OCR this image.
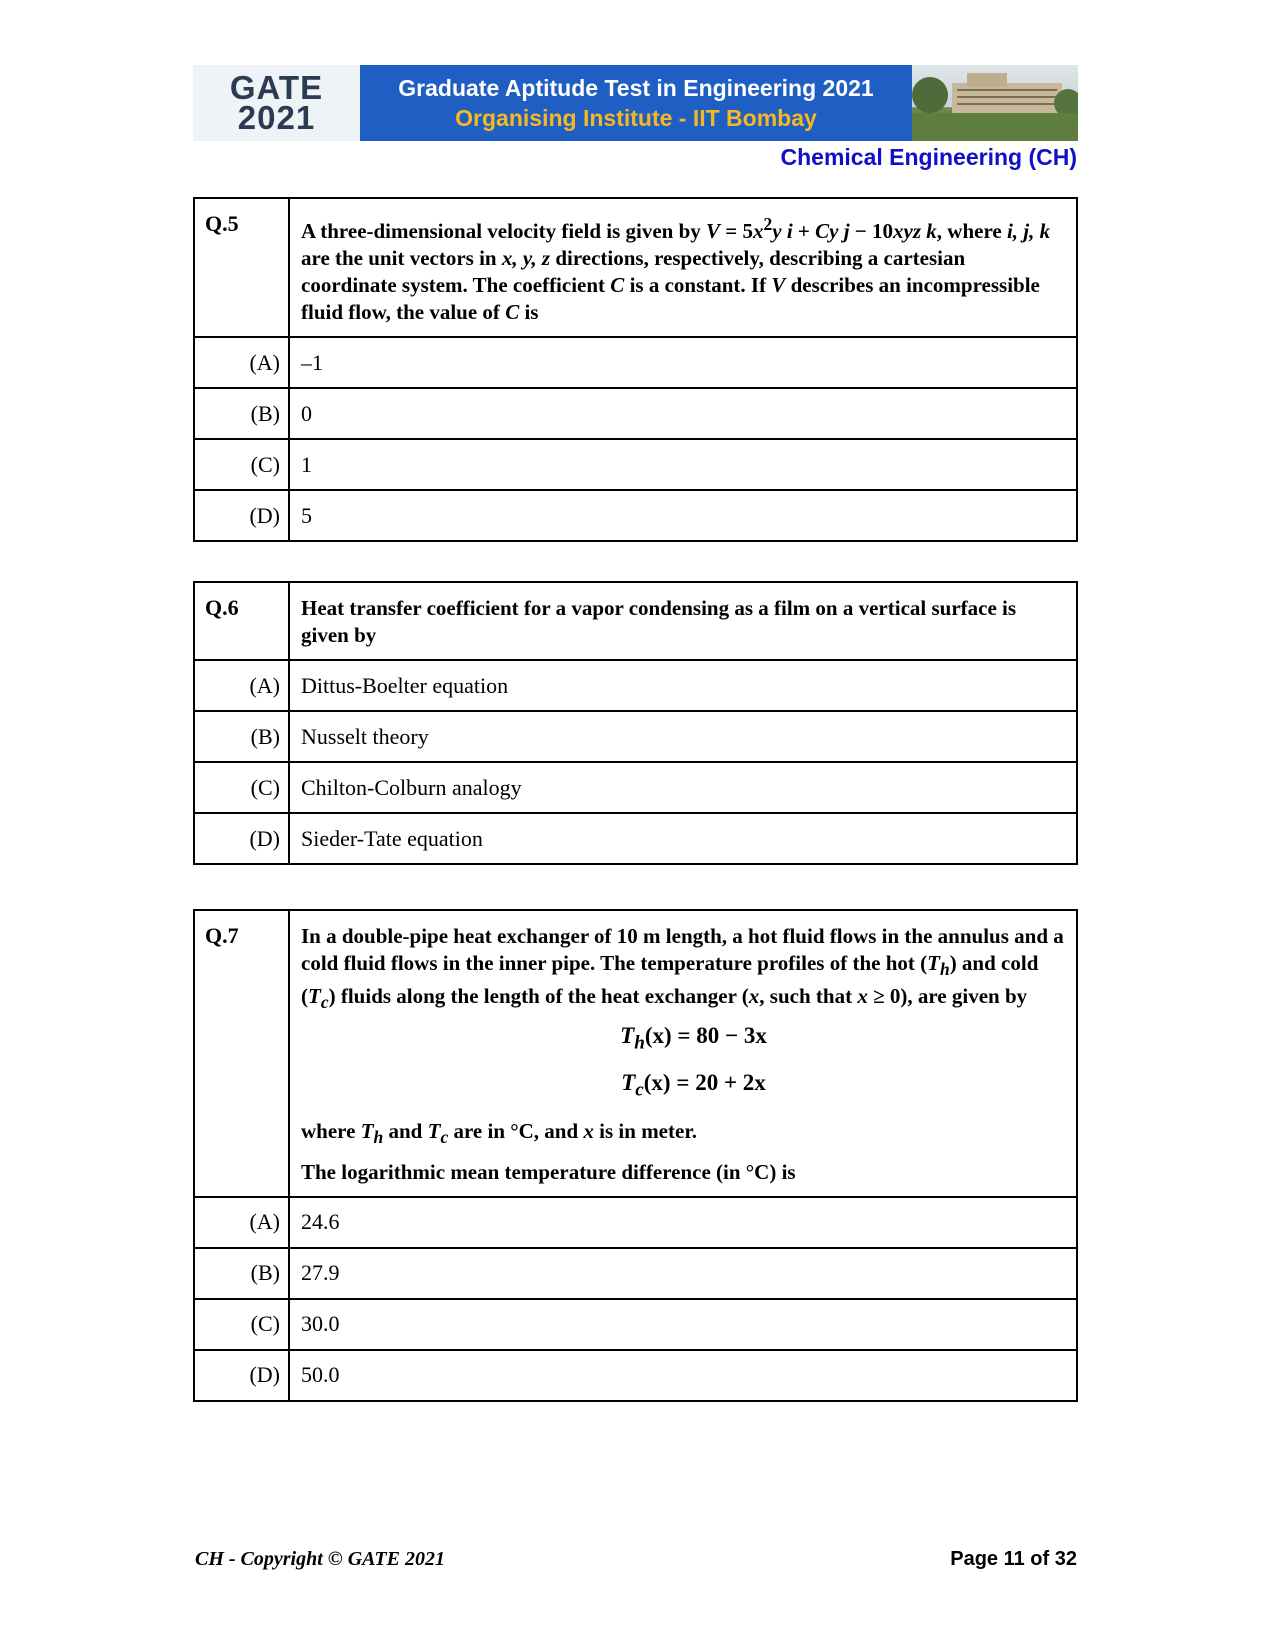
GATE
2021
Graduate Aptitude Test in Engineering 2021
Organising Institute - IIT Bombay
Chemical Engineering (CH)
Q.5	A three-dimensional velocity field is given by $V = 5x^2y$ i + Cy j − 10xyz k, where i, j, k are the unit vectors in x, y, z directions, respectively, describing a cartesian coordinate system. The coefficient C is a constant. If V describes an incompressible fluid flow, the value of C is
(A)	–1
(B)	0
(C)	1
(D)	5
Q.6	Heat transfer coefficient for a vapor condensing as a film on a vertical surface is given by
(A)	Dittus-Boelter equation
(B)	Nusselt theory
(C)	Chilton-Colburn analogy
(D)	Sieder-Tate equation
Q.7	In a double-pipe heat exchanger of 10 m length, a hot fluid flows in the annulus and a cold fluid flows in the inner pipe. The temperature profiles of the hot $(T_h)$ and cold $(T_c)$ fluids along the length of the heat exchanger (x, such that x ≥ 0), are given by
$T_h(x) = 80 - 3x$
$T_c(x) = 20 + 2x$
where $T_h$ and $T_c$ are in °C, and x is in meter.
The logarithmic mean temperature difference (in °C) is

(A)	24.6
(B)	27.9
(C)	30.0
(D)	50.0
CH - Copyright © GATE 2021	Page 11 of 32
